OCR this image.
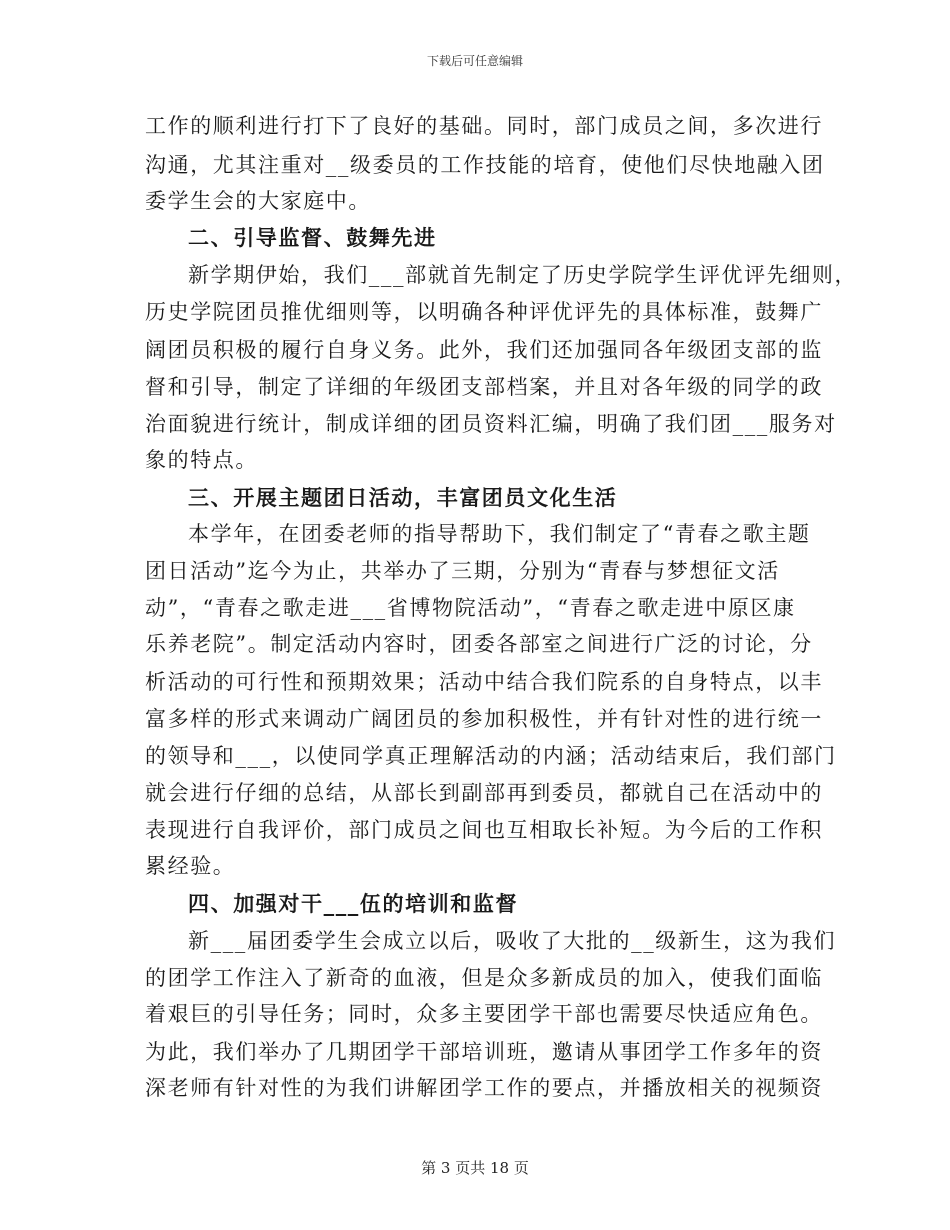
下载后可任意编辑
工作的顺利进行打下了良好的基础。同时，部门成员之间，多次进行
沟通，尤其注重对__级委员的工作技能的培育，使他们尽快地融入团
委学生会的大家庭中。
二、引导监督、鼓舞先进
新学期伊始，我们___部就首先制定了历史学院学生评优评先细则，
历史学院团员推优细则等，以明确各种评优评先的具体标准，鼓舞广
阔团员积极的履行自身义务。此外，我们还加强同各年级团支部的监
督和引导，制定了详细的年级团支部档案，并且对各年级的同学的政
治面貌进行统计，制成详细的团员资料汇编，明确了我们团___服务对
象的特点。
三、开展主题团日活动，丰富团员文化生活
本学年，在团委老师的指导帮助下，我们制定了“青春之歌主题
团日活动”迄今为止，共举办了三期，分别为“青春与梦想征文活
动”，“青春之歌走进___省博物院活动”，“青春之歌走进中原区康
乐养老院”。制定活动内容时，团委各部室之间进行广泛的讨论，分
析活动的可行性和预期效果；活动中结合我们院系的自身特点，以丰
富多样的形式来调动广阔团员的参加积极性，并有针对性的进行统一
的领导和___，以使同学真正理解活动的内涵；活动结束后，我们部门
就会进行仔细的总结，从部长到副部再到委员，都就自己在活动中的
表现进行自我评价，部门成员之间也互相取长补短。为今后的工作积
累经验。
四、加强对干___伍的培训和监督
新___届团委学生会成立以后，吸收了大批的__级新生，这为我们
的团学工作注入了新奇的血液，但是众多新成员的加入，使我们面临
着艰巨的引导任务；同时，众多主要团学干部也需要尽快适应角色。
为此，我们举办了几期团学干部培训班，邀请从事团学工作多年的资
深老师有针对性的为我们讲解团学工作的要点，并播放相关的视频资
第 3 页共 18 页
